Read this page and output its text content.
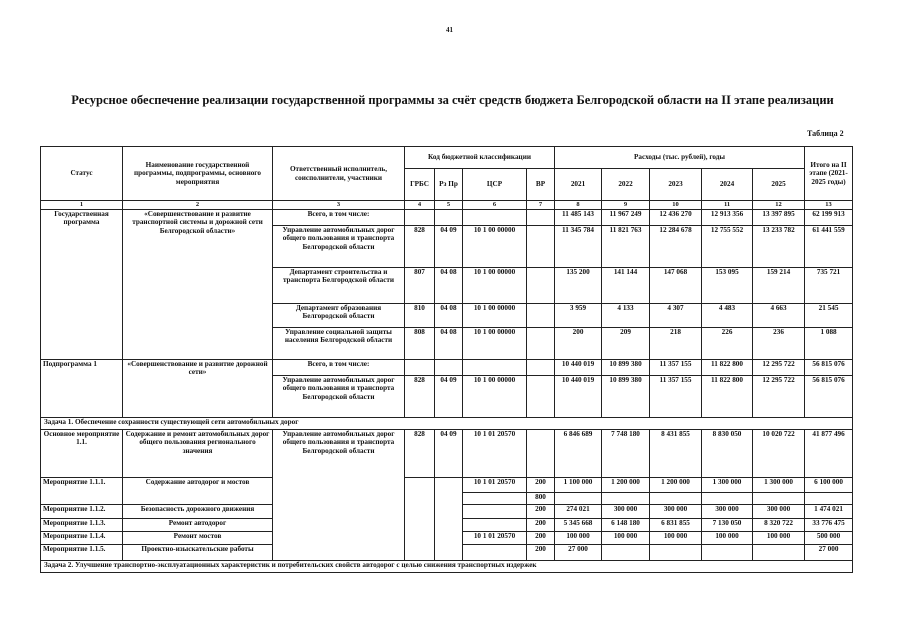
41
Ресурсное обеспечение реализации государственной программы за счёт средств бюджета Белгородской области на II этапе реализации
Таблица 2
Статус	Наименование государственной программы, подпрограммы, основного мероприятия	Ответственный исполнитель, соисполнители, участники	Код бюджетной классификации				Расходы (тыс. рублей), годы					Итого на II этапе (2021-2025 годы)
			ГРБС	Рз Пр	ЦСР	ВР	2021	2022	2023	2024	2025	
1	2	3	4	5	6	7	8	9	10	11	12	13
Государственная программа	«Совершенствование и развитие транспортной системы и дорожной сети Белгородской области»	Всего, в том числе:					11 485 143	11 967 249	12 436 270	12 913 356	13 397 895	62 199 913
		Управление автомобильных дорог общего пользования и транспорта Белгородской области	828	04 09	10 1 00 00000		11 345 784	11 821 763	12 284 678	12 755 552	13 233 782	61 441 559
		Департамент строительства и транспорта Белгородской области	807	04 08	10 1 00 00000		135 200	141 144	147 068	153 095	159 214	735 721
		Департамент образования Белгородской области	810	04 08	10 1 00 00000		3 959	4 133	4 307	4 483	4 663	21 545
		Управление социальной защиты населения Белгородской области	808	04 08	10 1 00 00000		200	209	218	226	236	1 088
Подпрограмма 1	«Совершенствование и развитие дорожной сети»	Всего, в том числе:					10 440 019	10 899 380	11 357 155	11 822 800	12 295 722	56 815 076
		Управление автомобильных дорог общего пользования и транспорта Белгородской области	828	04 09	10 1 00 00000		10 440 019	10 899 380	11 357 155	11 822 800	12 295 722	56 815 076
Задача 1. Обеспечение сохранности существующей сети автомобильных дорог												
Основное мероприятие 1.1.	Содержание и ремонт автомобильных дорог общего пользования регионального значения	Управление автомобильных дорог общего пользования и транспорта Белгородской области	828	04 09	10 1 01 20570		6 846 689	7 748 180	8 431 855	8 830 050	10 020 722	41 877 496
Мероприятие 1.1.1.	Содержание автодорог и мостов				10 1 01 20570	200	1 100 000	1 200 000	1 200 000	1 300 000	1 300 000	6 100 000
						800						
Мероприятие 1.1.2.	Безопасность дорожного движения					200	274 021	300 000	300 000	300 000	300 000	1 474 021
Мероприятие 1.1.3.	Ремонт автодорог					200	5 345 668	6 148 180	6 831 855	7 130 050	8 320 722	33 776 475
Мероприятие 1.1.4.	Ремонт мостов				10 1 01 20570	200	100 000	100 000	100 000	100 000	100 000	500 000
Мероприятие 1.1.5.	Проектно-изыскательские работы					200	27 000					27 000
Задача 2. Улучшение транспортно-эксплуатационных характеристик и потребительских свойств автодорог с целью снижения транспортных издержек												
